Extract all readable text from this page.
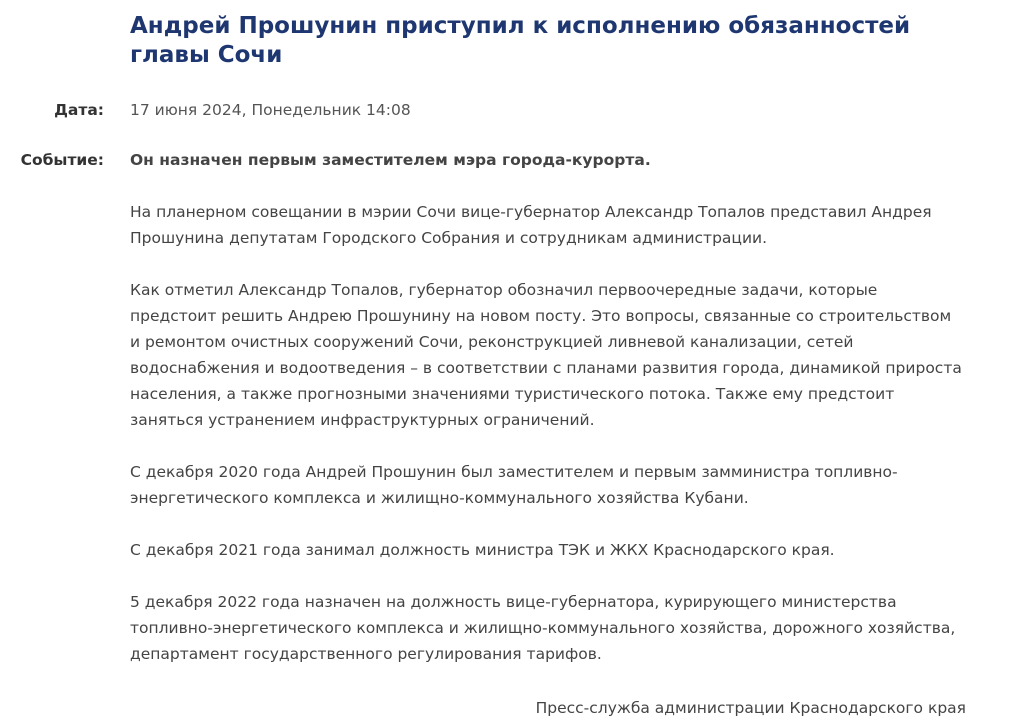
Андрей Прошунин приступил к исполнению обязанностей главы Сочи
Дата: 17 июня 2024, Понедельник 14:08
Событие: Он назначен первым заместителем мэра города-курорта.

На планерном совещании в мэрии Сочи вице-губернатор Александр Топалов представил Андрея Прошунина депутатам Городского Собрания и сотрудникам администрации.

Как отметил Александр Топалов, губернатор обозначил первоочередные задачи, которые предстоит решить Андрею Прошунину на новом посту. Это вопросы, связанные со строительством и ремонтом очистных сооружений Сочи, реконструкцией ливневой канализации, сетей водоснабжения и водоотведения – в соответствии с планами развития города, динамикой прироста населения, а также прогнозными значениями туристического потока. Также ему предстоит заняться устранением инфраструктурных ограничений.

С декабря 2020 года Андрей Прошунин был заместителем и первым замминистра топливно-энергетического комплекса и жилищно-коммунального хозяйства Кубани.

С декабря 2021 года занимал должность министра ТЭК и ЖКХ Краснодарского края.

5 декабря 2022 года назначен на должность вице-губернатора, курирующего министерства топливно-энергетического комплекса и жилищно-коммунального хозяйства, дорожного хозяйства, департамент государственного регулирования тарифов.

Пресс-служба администрации Краснодарского края
